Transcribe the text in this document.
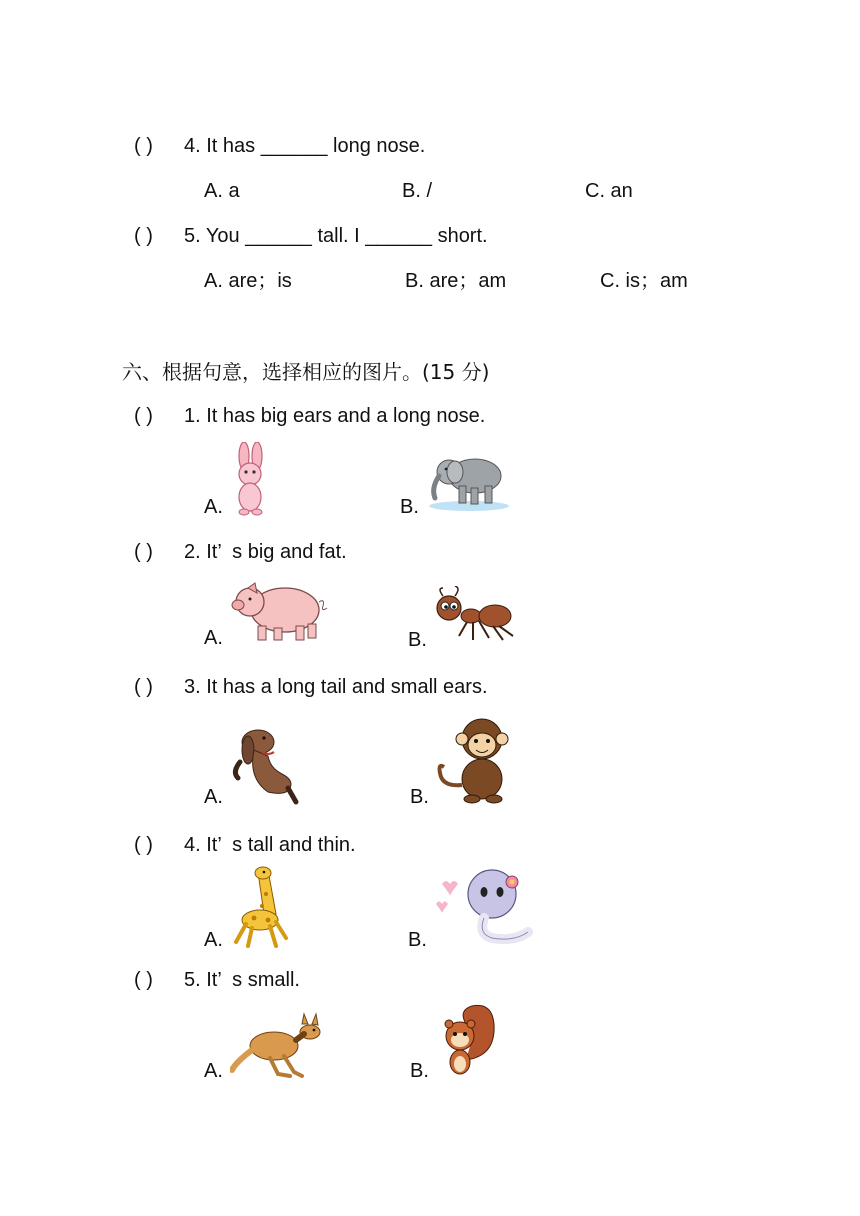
( ) 4. It has ______ long nose.
A. a	B. /	C. an
( ) 5. You ______ tall. I ______ short.
A. are；is	B. are；am	C. is；am
六、根据句意，选择相应的图片。(15 分)
( ) 1. It has big ears and a long nose.
A.	B.
( ) 2. It’  s big and fat.
A.	B.
( ) 3. It has a long tail and small ears.
A.	B.
( ) 4. It’  s tall and thin.
A.	B.
( ) 5. It’  s small.
A.	B.
